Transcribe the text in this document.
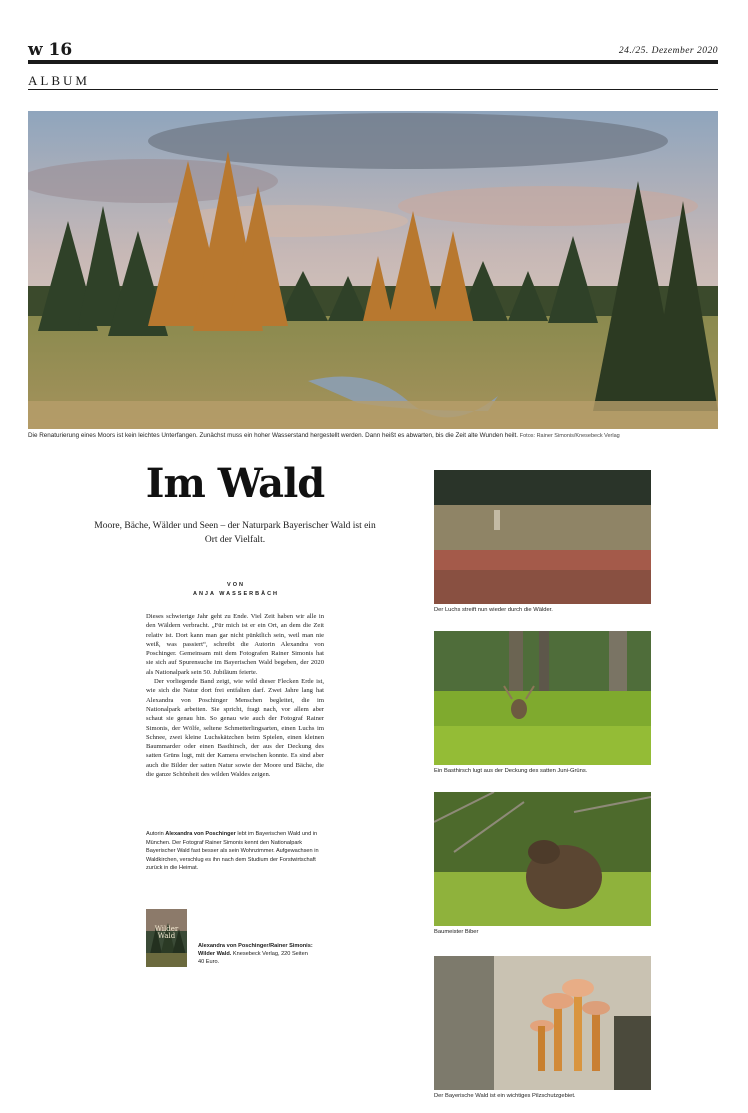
w 16	24./25. Dezember 2020
ALBUM
Die Renaturierung eines Moors ist kein leichtes Unterfangen. Zunächst muss ein hoher Wasserstand hergestellt werden. Dann heißt es abwarten, bis die Zeit alte Wunden heilt. Fotos: Rainer Simonis/Knesebeck Verlag
Im Wald
Moore, Bäche, Wälder und Seen – der Naturpark Bayerischer Wald ist ein Ort der Vielfalt.
VON
ANJA WASSERBÄCH

Dieses schwierige Jahr geht zu Ende. Viel Zeit haben wir alle in den Wäldern verbracht. „Für mich ist er ein Ort, an dem die Zeit relativ ist. Dort kann man gar nicht pünktlich sein, weil man nie weiß, was passiert“, schreibt die Autorin Alexandra von Poschinger. Gemeinsam mit dem Fotografen Rainer Simonis hat sie sich auf Spurensuche im Bayerischen Wald begeben, der 2020 als Nationalpark sein 50. Jubiläum feierte.

Der vorliegende Band zeigt, wie wild dieser Flecken Erde ist, wie sich die Natur dort frei entfalten darf. Zwei Jahre lang hat Alexandra von Poschinger Menschen begleitet, die im Nationalpark arbeiten. Sie spricht, fragt nach, vor allem aber schaut sie genau hin. So genau wie auch der Fotograf Rainer Simonis, der Wölfe, seltene Schmetterlingsarten, einen Luchs im Schnee, zwei kleine Luchskätzchen beim Spielen, einen kleinen Baummarder oder einen Basthirsch, der aus der Deckung des satten Grüns lugt, mit der Kamera erwischen konnte. Es sind aber auch die Bilder der satten Natur sowie der Moore und Bäche, die die ganze Schönheit des wilden Waldes zeigen.

Autorin Alexandra von Poschinger lebt im Bayerischen Wald und in München. Der Fotograf Rainer Simonis kennt den Nationalpark Bayerischer Wald fast besser als sein Wohnzimmer. Aufgewachsen in Waldkirchen, verschlug es ihn nach dem Studium der Forstwirtschaft zurück in die Heimat.
Wilder
Wald
Alexandra von Poschinger/Rainer Simonis: Wilder Wald. Knesebeck Verlag, 220 Seiten 40 Euro.
Der Luchs streift nun wieder durch die Wälder.
Ein Basthirsch lugt aus der Deckung des satten Juni-Grüns.
Baumeister Biber
Der Bayerische Wald ist ein wichtiges Pilzschutzgebiet.
